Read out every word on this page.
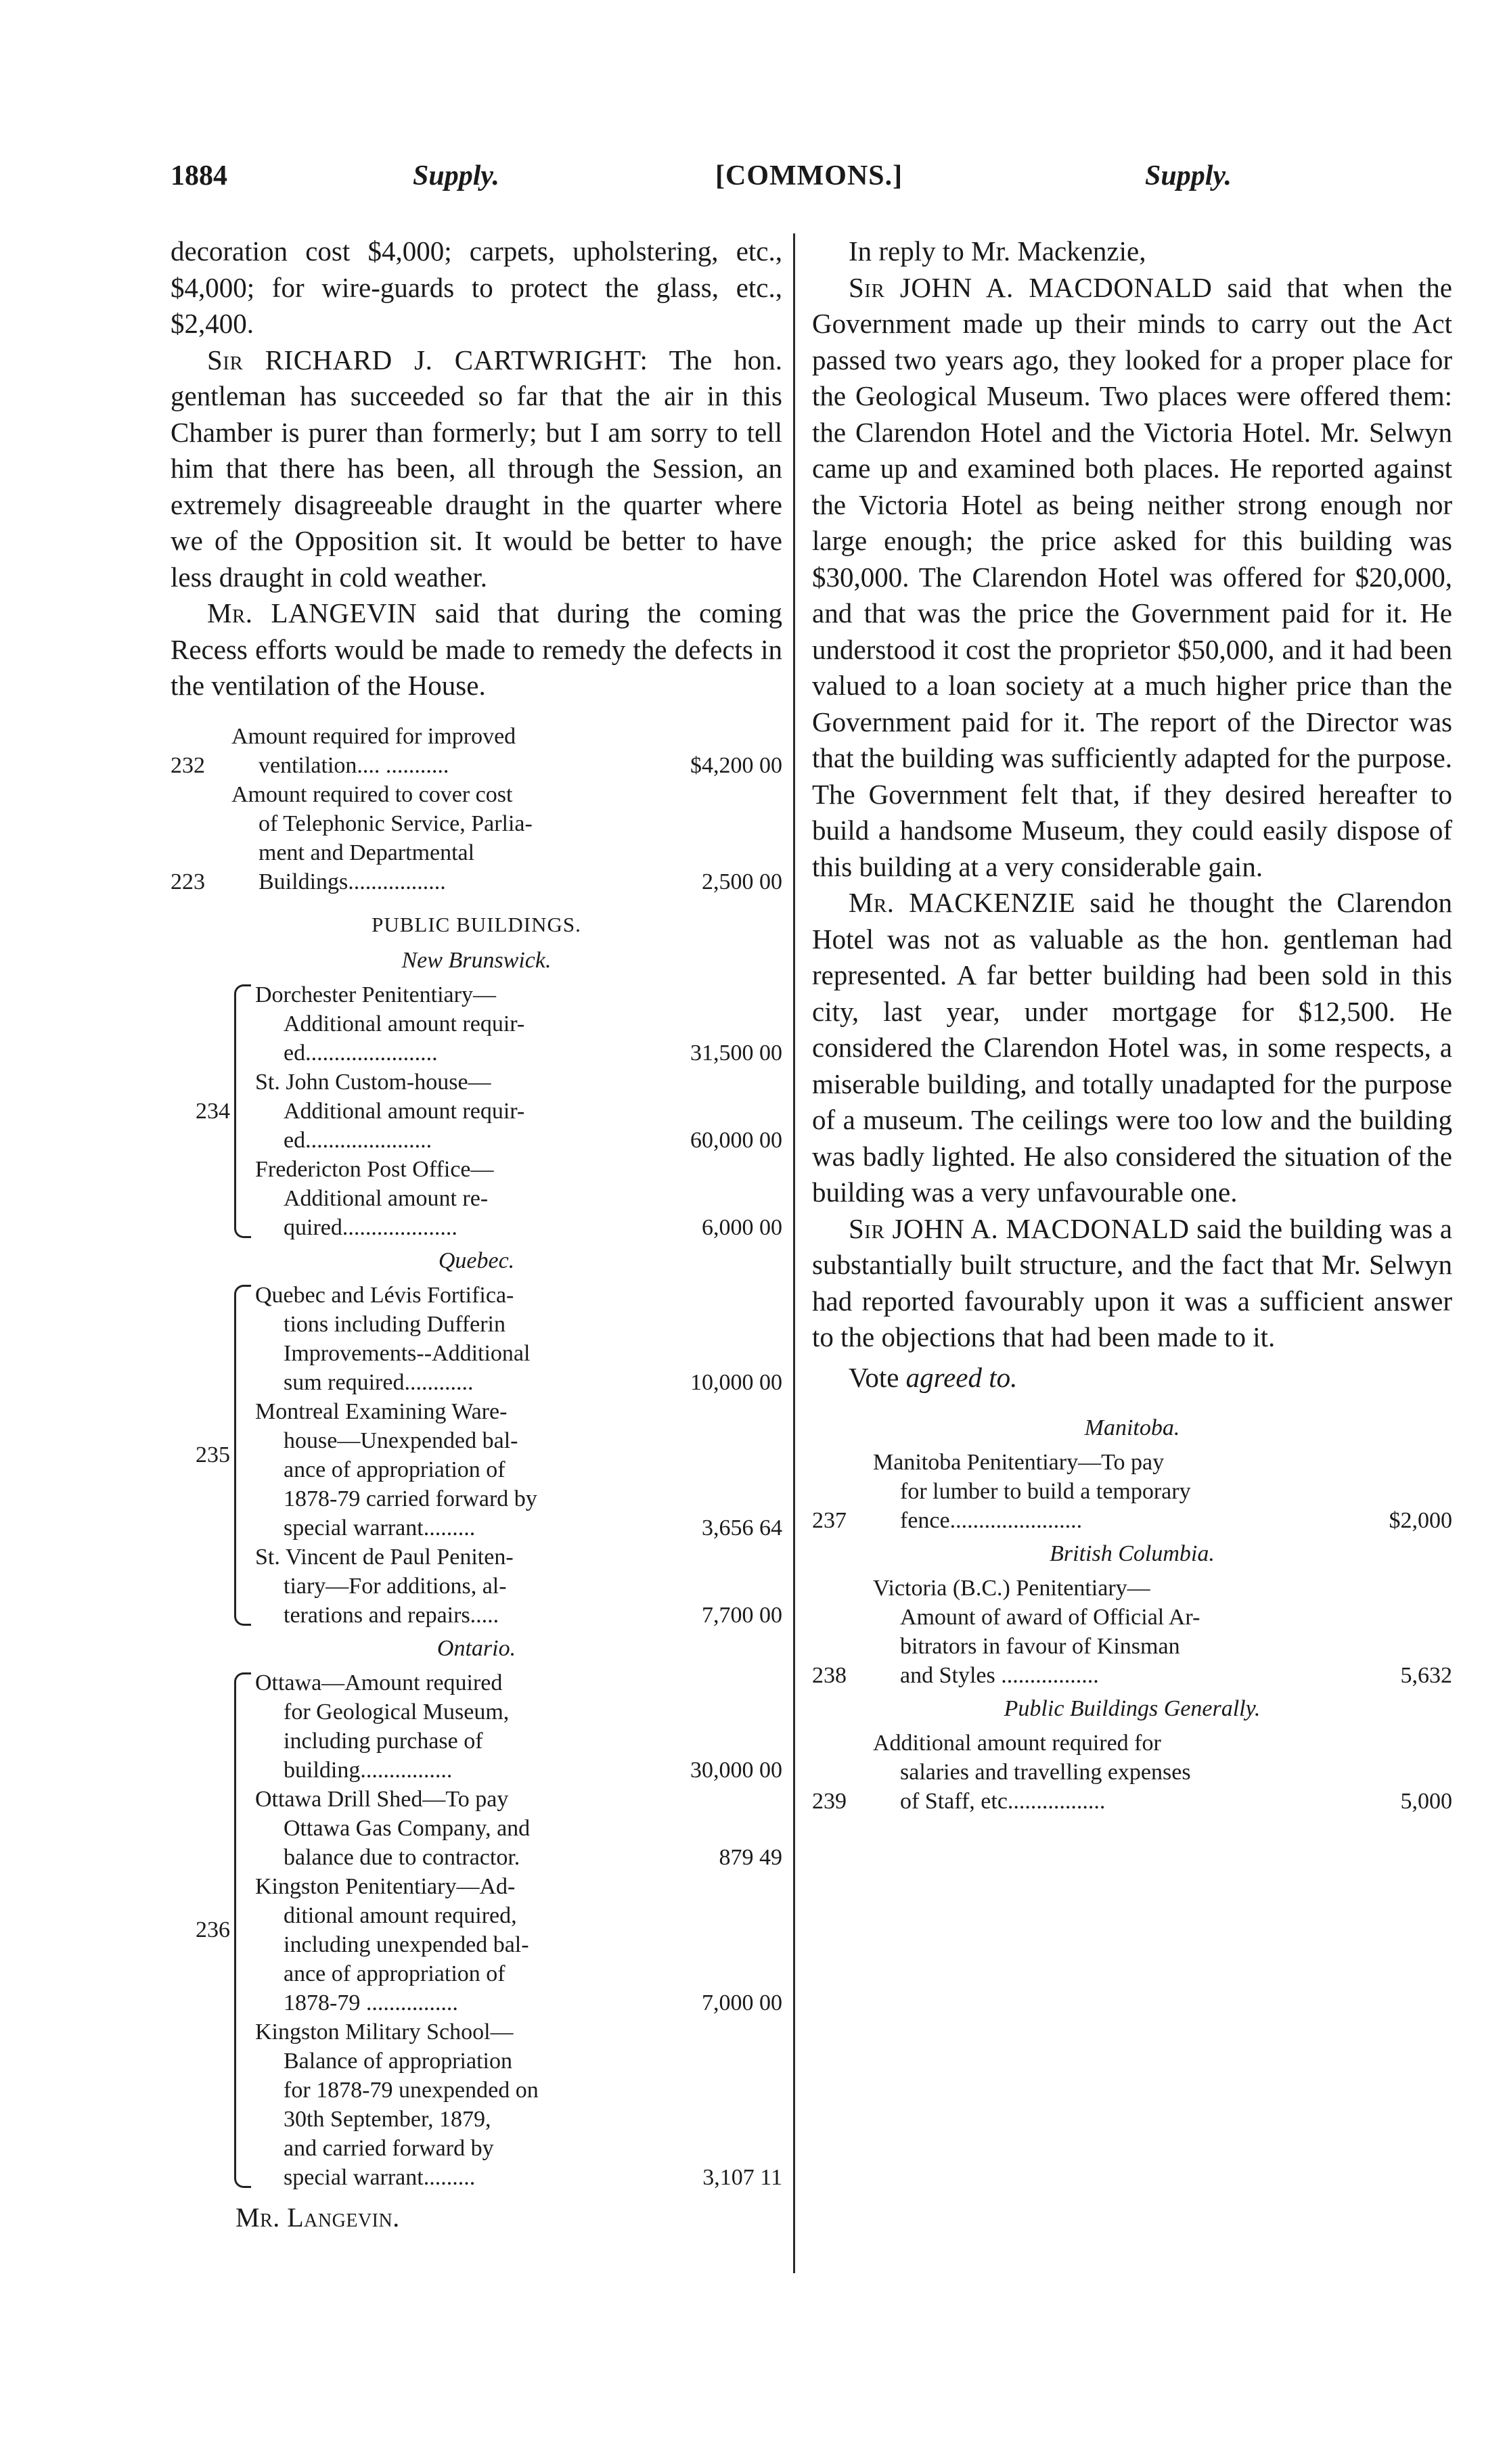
1884	Supply.	[COMMONS.]	Supply.

decoration cost $4,000; carpets, upholstering, etc., $4,000; for wire-guards to protect the glass, etc., $2,400.

Sir RICHARD J. CARTWRIGHT: The hon. gentleman has succeeded so far that the air in this Chamber is purer than formerly; but I am sorry to tell him that there has been, all through the Session, an extremely disagreeable draught in the quarter where we of the Opposition sit. It would be better to have less draught in cold weather.

Mr. LANGEVIN said that during the coming Recess efforts would be made to remedy the defects in the ventilation of the House.

232
Amount required for improved
ventilation.... ...........	$4,200 00
223
Amount required to cover cost
of Telephonic Service, Parlia-
ment and Departmental
Buildings.................	2,500 00
PUBLIC BUILDINGS.
New Brunswick.
234
Dorchester Penitentiary—
Additional amount requir-
ed.......................	31,500 00
St. John Custom-house—
Additional amount requir-
ed......................	60,000 00
Fredericton Post Office—
Additional amount re-
quired....................	6,000 00
Quebec.
235
Quebec and Lévis Fortifica-
tions including Dufferin
Improvements--Additional
sum required............	10,000 00
Montreal Examining Ware-
house—Unexpended bal-
ance of appropriation of
1878-79 carried forward by
special warrant.........	3,656 64
St. Vincent de Paul Peniten-
tiary—For additions, al-
terations and repairs.....	7,700 00
Ontario.
236
Ottawa—Amount required
for Geological Museum,
including purchase of
building................	30,000 00
Ottawa Drill Shed—To pay
Ottawa Gas Company, and
balance due to contractor.	879 49
Kingston Penitentiary—Ad-
ditional amount required,
including unexpended bal-
ance of appropriation of
1878-79 ................	7,000 00
Kingston Military School—
Balance of appropriation
for 1878-79 unexpended on
30th September, 1879,
and carried forward by
special warrant.........	3,107 11
Mr. Langevin.

In reply to Mr. Mackenzie,

Sir JOHN A. MACDONALD said that when the Government made up their minds to carry out the Act passed two years ago, they looked for a proper place for the Geological Museum. Two places were offered them: the Clarendon Hotel and the Victoria Hotel. Mr. Selwyn came up and examined both places. He reported against the Victoria Hotel as being neither strong enough nor large enough; the price asked for this building was $30,000. The Clarendon Hotel was offered for $20,000, and that was the price the Government paid for it. He understood it cost the proprietor $50,000, and it had been valued to a loan society at a much higher price than the Government paid for it. The report of the Director was that the building was sufficiently adapted for the purpose. The Government felt that, if they desired hereafter to build a handsome Museum, they could easily dispose of this building at a very considerable gain.

Mr. MACKENZIE said he thought the Clarendon Hotel was not as valuable as the hon. gentleman had represented. A far better building had been sold in this city, last year, under mortgage for $12,500. He considered the Clarendon Hotel was, in some respects, a miserable building, and totally unadapted for the purpose of a museum. The ceilings were too low and the building was badly lighted. He also considered the situation of the building was a very unfavourable one.

Sir JOHN A. MACDONALD said the building was a substantially built structure, and the fact that Mr. Selwyn had reported favourably upon it was a sufficient answer to the objections that had been made to it.

Vote agreed to.

Manitoba.
237
Manitoba Penitentiary—To pay
for lumber to build a temporary
fence.......................	$2,000
British Columbia.
238
Victoria (B.C.) Penitentiary—
Amount of award of Official Ar-
bitrators in favour of Kinsman
and Styles .................	5,632
Public Buildings Generally.
239
Additional amount required for
salaries and travelling expenses
of Staff, etc.................	5,000
